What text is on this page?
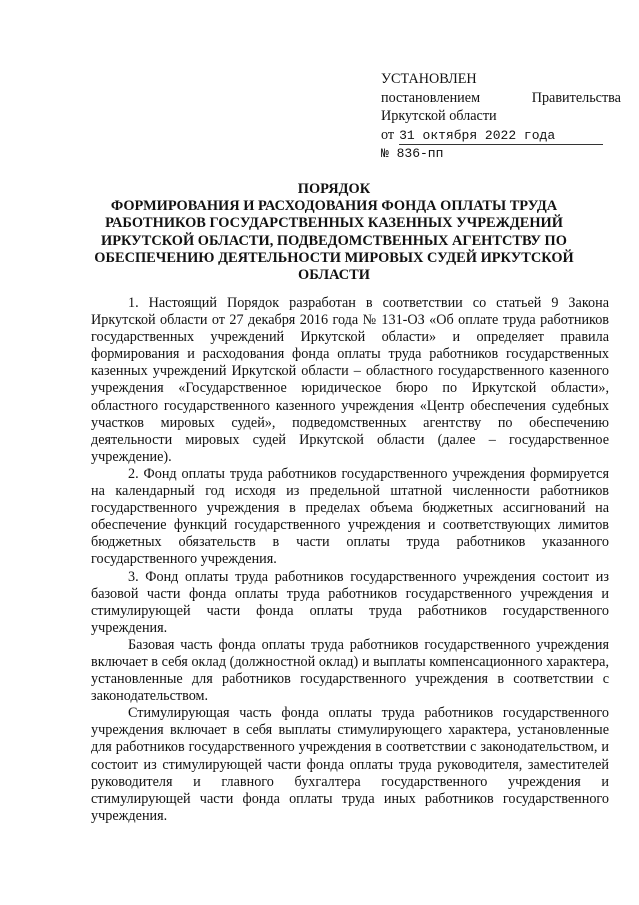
УСТАНОВЛЕН
постановлением	Правительства
Иркутской области
от 31 октября 2022 года
№ 836-пп
ПОРЯДОК
ФОРМИРОВАНИЯ И РАСХОДОВАНИЯ ФОНДА ОПЛАТЫ ТРУДА РАБОТНИКОВ ГОСУДАРСТВЕННЫХ КАЗЕННЫХ УЧРЕЖДЕНИЙ ИРКУТСКОЙ ОБЛАСТИ, ПОДВЕДОМСТВЕННЫХ АГЕНТСТВУ ПО ОБЕСПЕЧЕНИЮ ДЕЯТЕЛЬНОСТИ МИРОВЫХ СУДЕЙ ИРКУТСКОЙ ОБЛАСТИ

1. Настоящий Порядок разработан в соответствии со статьей 9 Закона Иркутской области от 27 декабря 2016 года № 131-ОЗ «Об оплате труда работников государственных учреждений Иркутской области» и определяет правила формирования и расходования фонда оплаты труда работников государственных казенных учреждений Иркутской области – областного государственного казенного учреждения «Государственное юридическое бюро по Иркутской области», областного государственного казенного учреждения «Центр обеспечения судебных участков мировых судей», подведомственных агентству по обеспечению деятельности мировых судей Иркутской области (далее – государственное учреждение).

2. Фонд оплаты труда работников государственного учреждения формируется на календарный год исходя из предельной штатной численности работников государственного учреждения в пределах объема бюджетных ассигнований на обеспечение функций государственного учреждения и соответствующих лимитов бюджетных обязательств в части оплаты труда работников указанного государственного учреждения.

3. Фонд оплаты труда работников государственного учреждения состоит из базовой части фонда оплаты труда работников государственного учреждения и стимулирующей части фонда оплаты труда работников государственного учреждения.

Базовая часть фонда оплаты труда работников государственного учреждения включает в себя оклад (должностной оклад) и выплаты компенсационного характера, установленные для работников государственного учреждения в соответствии с законодательством.

Стимулирующая часть фонда оплаты труда работников государственного учреждения включает в себя выплаты стимулирующего характера, установленные для работников государственного учреждения в соответствии с законодательством, и состоит из стимулирующей части фонда оплаты труда руководителя, заместителей руководителя и главного бухгалтера государственного учреждения и стимулирующей части фонда оплаты труда иных работников государственного учреждения.
